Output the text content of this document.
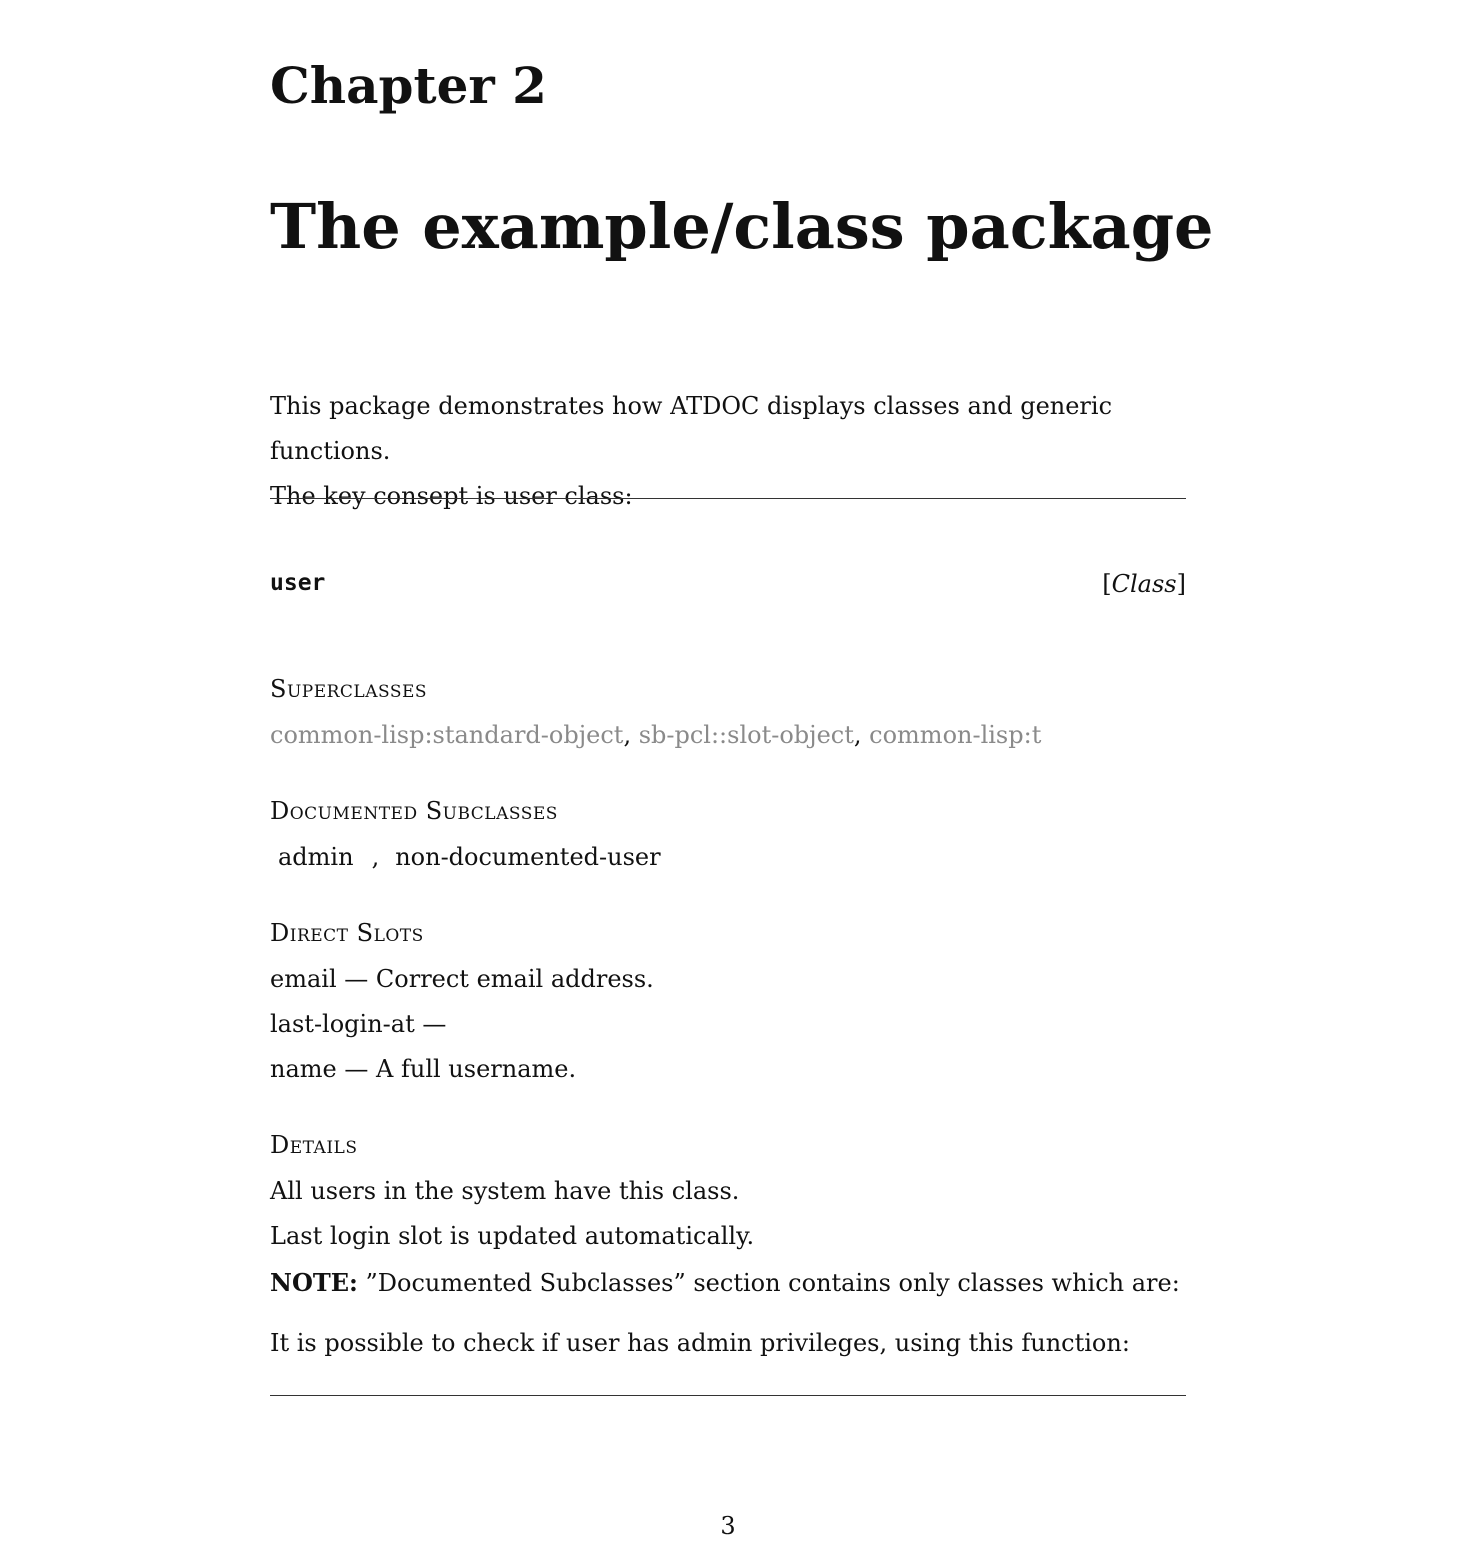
Chapter 2
The example/class package
This package demonstrates how ATDOC displays classes and generic functions.
The key consept is user class:
user	[Class]
Superclasses
common-lisp:standard-object, sb-pcl::slot-object, common-lisp:t
Documented Subclasses
admin , non-documented-user
Direct Slots
email — Correct email address.
last-login-at —
name — A full username.
Details
All users in the system have this class.
Last login slot is updated automatically.
NOTE: ”Documented Subclasses” section contains only classes which are:
It is possible to check if user has admin privileges, using this function:
3
